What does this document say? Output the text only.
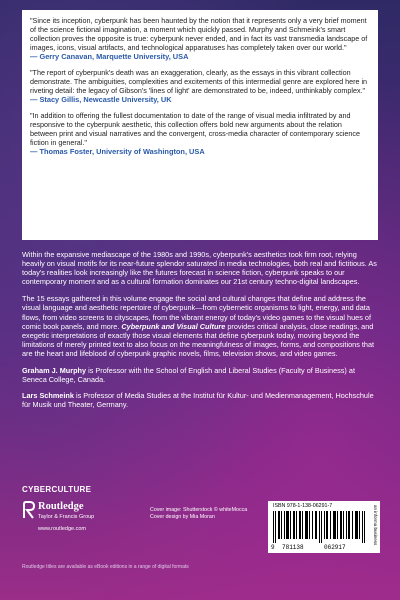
"Since its inception, cyberpunk has been haunted by the notion that it represents only a very brief moment of the science fictional imagination, a moment which quickly passed. Murphy and Schmeink's smart collection proves the opposite is true: cyberpunk never ended, and in fact its vast transmedia landscape of images, icons, visual artifacts, and technological apparatuses has completely taken over our world."

— Gerry Canavan, Marquette University, USA

"The report of cyberpunk's death was an exaggeration, clearly, as the essays in this vibrant collection demonstrate. The ambiguities, complexities and excitements of this intermedial genre are explored here in riveting detail: the legacy of Gibson's 'lines of light' are demonstrated to be, indeed, unthinkably complex."

— Stacy Gillis, Newcastle University, UK

"In addition to offering the fullest documentation to date of the range of visual media infiltrated by and responsive to the cyberpunk aesthetic, this collection offers bold new arguments about the relation between print and visual narratives and the convergent, cross-media character of contemporary science fiction in general."

— Thomas Foster, University of Washington, USA

Within the expansive mediascape of the 1980s and 1990s, cyberpunk's aesthetics took firm root, relying heavily on visual motifs for its near-future splendor saturated in media technologies, both real and fictitious. As today's realities look increasingly like the futures forecast in science fiction, cyberpunk speaks to our contemporary moment and as a cultural formation dominates our 21st century techno-digital landscapes.

The 15 essays gathered in this volume engage the social and cultural changes that define and address the visual language and aesthetic repertoire of cyberpunk—from cybernetic organisms to light, energy, and data flows, from video screens to cityscapes, from the vibrant energy of today's video games to the visual hues of comic book panels, and more. Cyberpunk and Visual Culture provides critical analysis, close readings, and exegetic interpretations of exactly those visual elements that define cyberpunk today, moving beyond the limitations of merely printed text to also focus on the meaningfulness of images, forms, and compositions that are the heart and lifeblood of cyberpunk graphic novels, films, television shows, and video games.

Graham J. Murphy is Professor with the School of English and Liberal Studies (Faculty of Business) at Seneca College, Canada.

Lars Schmeink is Professor of Media Studies at the Institut für Kultur- und Medienmanagement, Hochschule für Musik und Theater, Germany.

CYBERCULTURE
Routledge
Taylor & Francis Group
www.routledge.com
Cover image: Shutterstock © whiteMocca
Cover design by Mia Moran
ISBN 978-1-138-06291-7
9 781138	062917
an informa business
Routledge titles are available as eBook editions in a range of digital formats
